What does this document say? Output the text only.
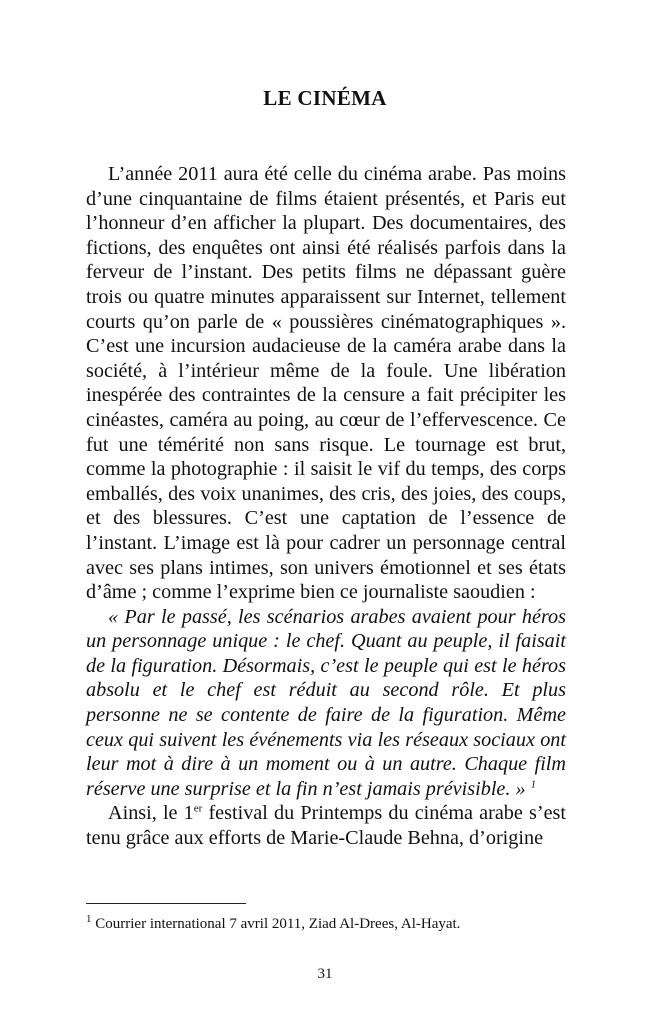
LE CINÉMA

L’année 2011 aura été celle du cinéma arabe. Pas moins d’une cinquantaine de films étaient présentés, et Paris eut l’honneur d’en afficher la plupart. Des documentaires, des fictions, des enquêtes ont ainsi été réalisés parfois dans la ferveur de l’instant. Des petits films ne dépassant guère trois ou quatre minutes apparaissent sur Internet, tellement courts qu’on parle de « poussières cinématographiques ». C’est une incursion audacieuse de la caméra arabe dans la société, à l’intérieur même de la foule. Une libération inespérée des contraintes de la censure a fait précipiter les cinéastes, caméra au poing, au cœur de l’effervescence. Ce fut une témérité non sans risque. Le tournage est brut, comme la photographie : il saisit le vif du temps, des corps emballés, des voix unanimes, des cris, des joies, des coups, et des blessures. C’est une captation de l’essence de l’instant. L’image est là pour cadrer un personnage central avec ses plans intimes, son univers émotionnel et ses états d’âme ; comme l’exprime bien ce journaliste saoudien :

« Par le passé, les scénarios arabes avaient pour héros un personnage unique : le chef. Quant au peuple, il faisait de la figuration. Désormais, c’est le peuple qui est le héros absolu et le chef est réduit au second rôle. Et plus personne ne se contente de faire de la figuration. Même ceux qui suivent les événements via les réseaux sociaux ont leur mot à dire à un moment ou à un autre. Chaque film réserve une surprise et la fin n’est jamais prévisible. » $^1$

Ainsi, le 1er festival du Printemps du cinéma arabe s’est tenu grâce aux efforts de Marie-Claude Behna, d’origine

$^1$ Courrier international 7 avril 2011, Ziad Al-Drees, Al-Hayat.
31
